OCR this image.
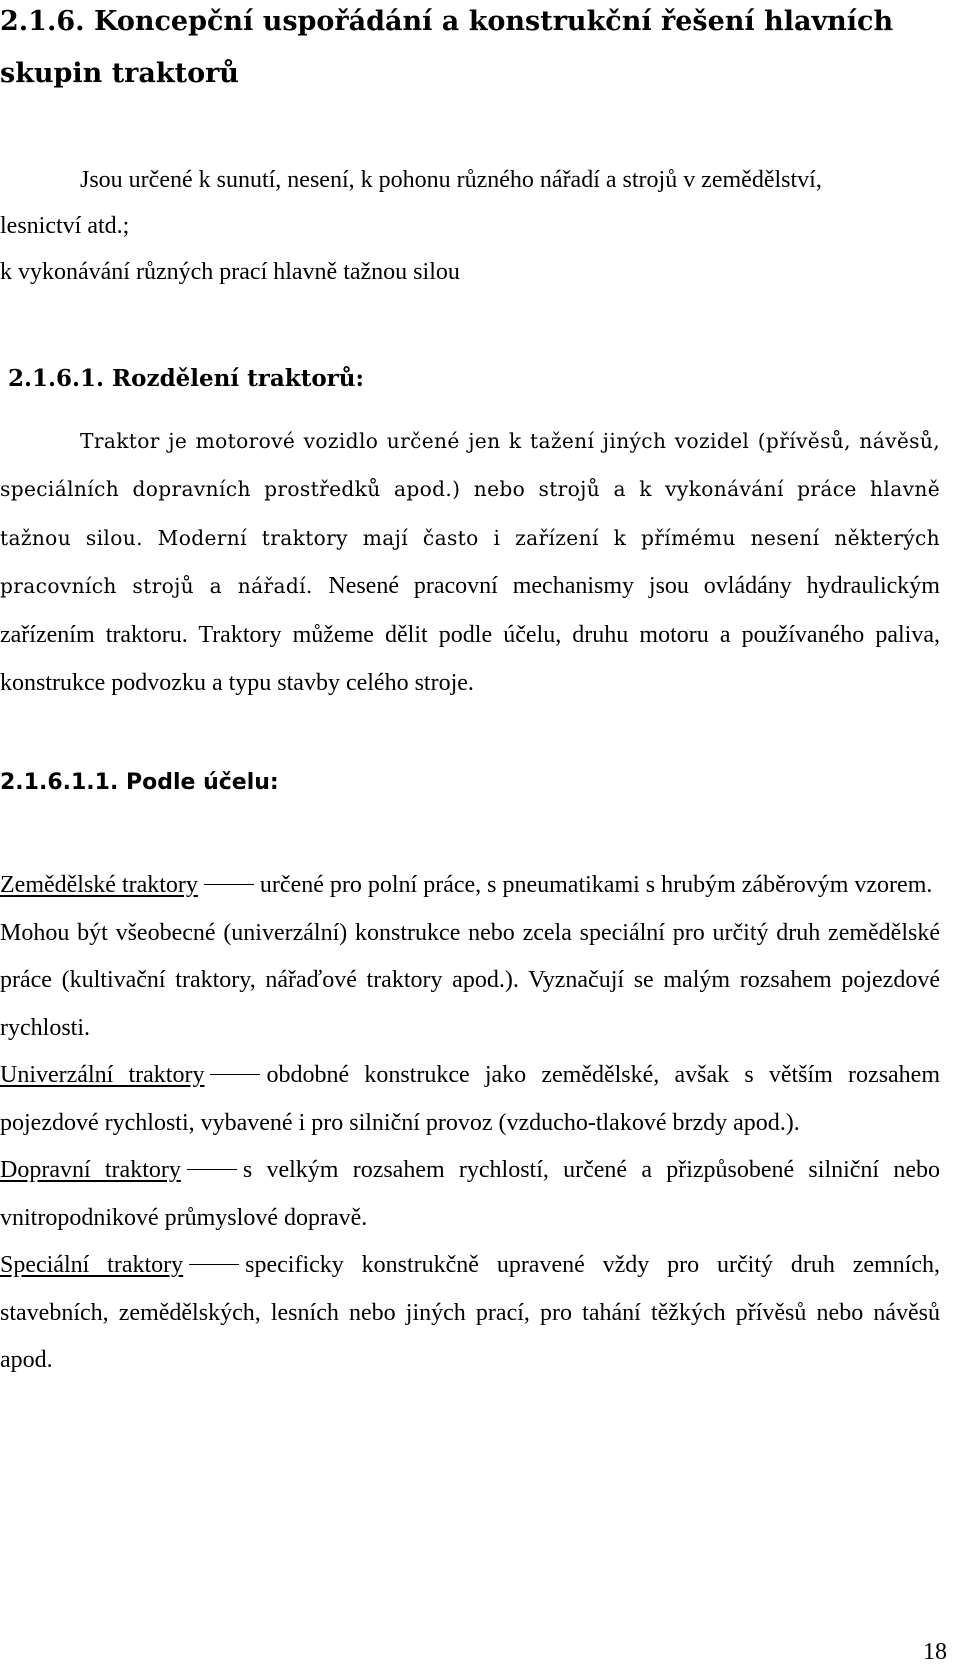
2.1.6. Koncepční uspořádání a konstrukční řešení hlavních skupin traktorů
Jsou určené k sunutí, nesení, k pohonu různého nářadí a strojů v zemědělství,
lesnictví atd.;
k vykonávání různých prací hlavně tažnou silou
2.1.6.1. Rozdělení traktorů:
Traktor je motorové vozidlo určené jen k tažení jiných vozidel (přívěsů, návěsů, speciálních dopravních prostředků apod.) nebo strojů a k vykonávání práce hlavně tažnou silou. Moderní traktory mají často i zařízení k přímému nesení některých pracovních strojů a nářadí. Nesené pracovní mechanismy jsou ovládány hydraulickým zařízením traktoru. Traktory můžeme dělit podle účelu, druhu motoru a používaného paliva, konstrukce podvozku a typu stavby celého stroje.
2.1.6.1.1. Podle účelu:

Zemědělské traktory	určené pro polní práce, s pneumatikami s hrubým záběrovým vzorem.

Mohou být všeobecné (univerzální) konstrukce nebo zcela speciální pro určitý druh zemědělské práce (kultivační traktory, nářaďové traktory apod.). Vyznačují se malým rozsahem pojezdové rychlosti.

Univerzální traktory	obdobné konstrukce jako zemědělské, avšak s větším rozsahem pojezdové rychlosti, vybavené i pro silniční provoz (vzducho-tlakové brzdy apod.).

Dopravní traktory	s velkým rozsahem rychlostí, určené a přizpůsobené silniční nebo vnitropodnikové průmyslové dopravě.

Speciální traktory	specificky konstrukčně upravené vždy pro určitý druh zemních, stavebních, zemědělských, lesních nebo jiných prací, pro tahání těžkých přívěsů nebo návěsů apod.

18
